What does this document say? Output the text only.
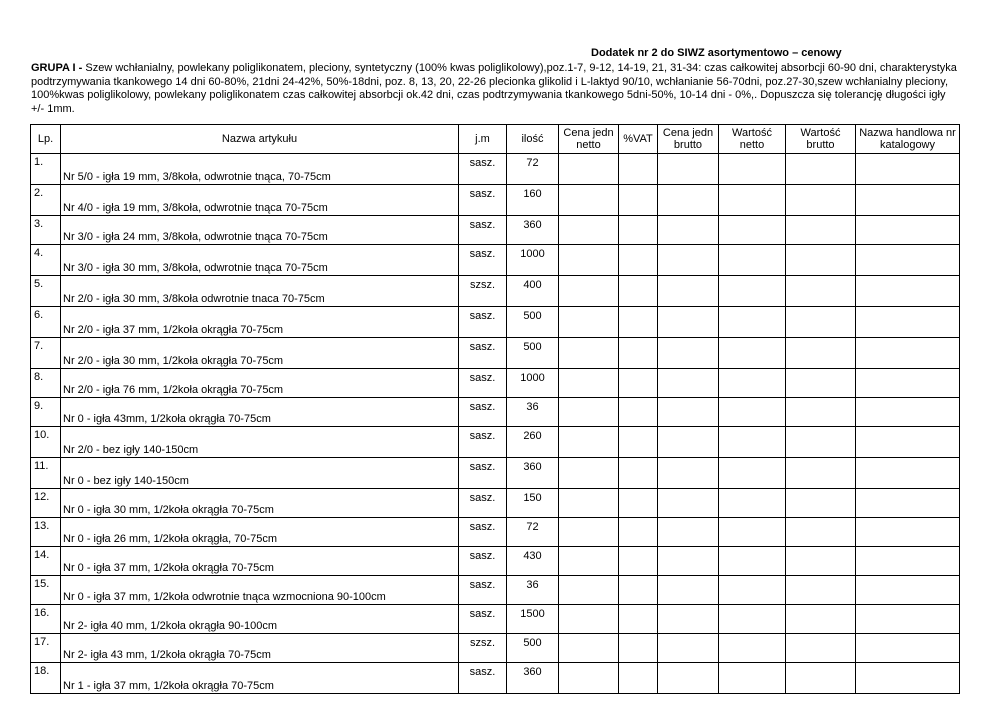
Dodatek nr 2 do SIWZ asortymentowo – cenowy
GRUPA I - Szew wchłanialny, powlekany poliglikonatem, pleciony, syntetyczny (100% kwas poliglikolowy),poz.1-7, 9-12, 14-19, 21, 31-34: czas całkowitej absorbcji 60-90 dni, charakterystyka podtrzymywania tkankowego 14 dni 60-80%, 21dni 24-42%, 50%-18dni, poz. 8, 13, 20, 22-26 plecionka glikolid i L-laktyd 90/10, wchłanianie 56-70dni, poz.27-30,szew wchłanialny pleciony, 100%kwas poliglikolowy, powlekany poliglikonatem czas całkowitej absorbcji ok.42 dni, czas podtrzymywania tkankowego 5dni-50%, 10-14 dni - 0%,. Dopuszcza się tolerancję długości igły +/- 1mm.
Lp.	Nazwa artykułu	j.m	ilość	Cena jedn netto	%VAT	Cena jedn brutto	Wartość netto	Wartość brutto	Nazwa handlowa nr katalogowy
1.	Nr 5/0 - igła 19 mm, 3/8koła, odwrotnie tnąca, 70-75cm	sasz.	72						
2.	Nr 4/0 - igła 19 mm, 3/8koła, odwrotnie tnąca 70-75cm	sasz.	160						
3.	Nr 3/0 - igła 24 mm, 3/8koła, odwrotnie tnąca 70-75cm	sasz.	360						
4.	Nr 3/0 - igła 30 mm, 3/8koła, odwrotnie tnąca 70-75cm	sasz.	1000						
5.	Nr 2/0 - igła 30 mm, 3/8koła odwrotnie tnaca 70-75cm	szsz.	400						
6.	Nr 2/0 - igła 37 mm, 1/2koła okrągła 70-75cm	sasz.	500						
7.	Nr 2/0 - igła 30 mm, 1/2koła okrągła 70-75cm	sasz.	500						
8.	Nr 2/0 - igła 76 mm, 1/2koła okrągła 70-75cm	sasz.	1000						
9.	Nr 0 - igła 43mm, 1/2koła okrągła 70-75cm	sasz.	36						
10.	Nr 2/0 - bez igły 140-150cm	sasz.	260						
11.	Nr 0 - bez igły 140-150cm	sasz.	360						
12.	Nr 0 - igła 30 mm, 1/2koła okrągła 70-75cm	sasz.	150						
13.	Nr 0 - igła 26 mm, 1/2koła okrągła, 70-75cm	sasz.	72						
14.	Nr 0 - igła 37 mm, 1/2koła okrągła 70-75cm	sasz.	430						
15.	Nr 0 - igła 37 mm, 1/2koła odwrotnie tnąca wzmocniona 90-100cm	sasz.	36						
16.	Nr 2- igła 40 mm, 1/2koła okrągła 90-100cm	sasz.	1500						
17.	Nr 2- igła 43 mm, 1/2koła okrągła 70-75cm	szsz.	500						
18.	Nr 1 - igła 37 mm, 1/2koła okrągła 70-75cm	sasz.	360						
